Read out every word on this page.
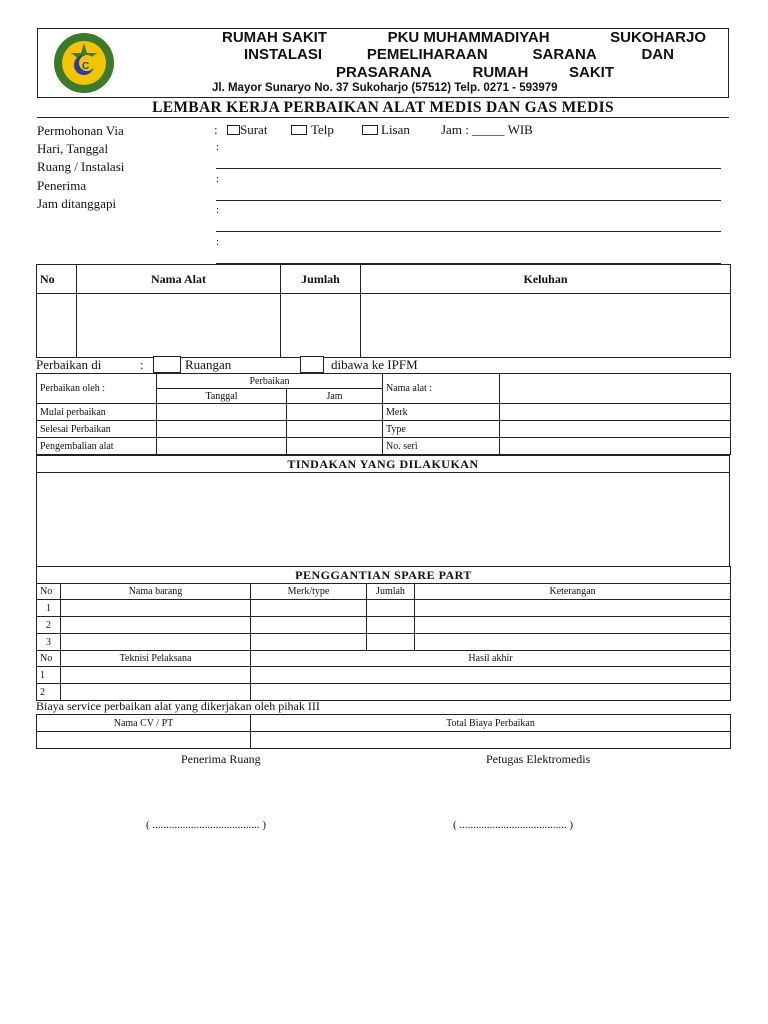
C
RUMAH SAKIT	PKU MUHAMMADIYAH	SUKOHARJO
INSTALASI	PEMELIHARAAN	SARANA	DAN
PRASARANA	RUMAH	SAKIT
Jl. Mayor Sunaryo No. 37 Sukoharjo (57512) Telp. 0271 - 593979
LEMBAR KERJA PERBAIKAN ALAT MEDIS DAN GAS MEDIS
Permohonan Via
Hari, Tanggal
Ruang / Instalasi
Penerima
Jam ditanggapi
: Surat	Telp	Lisan Jam : _____ WIB
:
:
:
:
No	Nama Alat	Jumlah	Keluhan

Perbaikan di	:	Ruangan	dibawa ke IPFM
Perbaikan oleh :	Perbaikan		Nama alat :	
	Tanggal	Jam		
Mulai perbaikan			Merk	
Selesai Perbaikan			Type	
Pengembalian alat			No. seri	
TINDAKAN YANG DILAKUKAN

PENGGANTIAN SPARE PART				
No	Nama barang	Merk/type	Jumlah	Keterangan
1				
2				
3				
No	Teknisi Pelaksana	Hasil akhir
1		
2		
Biaya service perbaikan alat yang dikerjakan oleh pihak III
Nama CV / PT	Total Biaya Perbaikan

Penerima Ruang	Petugas Elektromedis
( ....................................... )	( ....................................... )
